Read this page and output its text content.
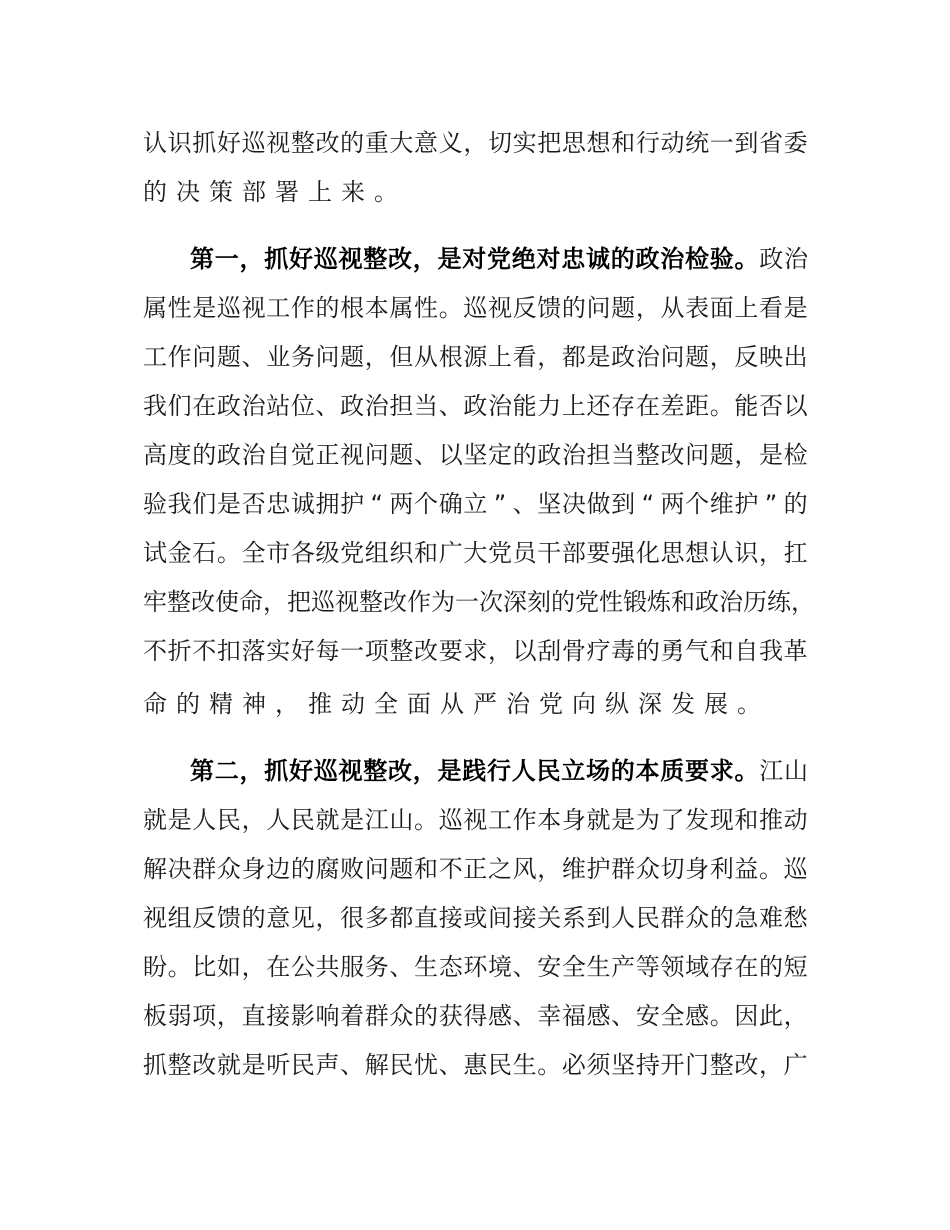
认 识 抓 好 巡 视 整 改 的 重 大 意 义 ， 切 实 把 思 想 和 行 动 统 一 到 省 委
的 决 策 部 署 上 来 。
第 一 ， 抓 好 巡 视 整 改 ， 是 对 党 绝 对 忠 诚 的 政 治 检 验 。 政 治
属 性 是 巡 视 工 作 的 根 本 属 性 。 巡 视 反 馈 的 问 题 ， 从 表 面 上 看 是
工 作 问 题 、 业 务 问 题 ， 但 从 根 源 上 看 ， 都 是 政 治 问 题 ， 反 映 出
我 们 在 政 治 站 位 、 政 治 担 当 、 政 治 能 力 上 还 存 在 差 距 。 能 否 以
高 度 的 政 治 自 觉 正 视 问 题 、 以 坚 定 的 政 治 担 当 整 改 问 题 ， 是 检
验 我 们 是 否 忠 诚 拥 护 “ 两 个 确 立 ” 、 坚 决 做 到 “ 两 个 维 护 ” 的
试 金 石 。 全 市 各 级 党 组 织 和 广 大 党 员 干 部 要 强 化 思 想 认 识 ， 扛
牢 整 改 使 命 ， 把 巡 视 整 改 作 为 一 次 深 刻 的 党 性 锻 炼 和 政 治 历 练 ，
不 折 不 扣 落 实 好 每 一 项 整 改 要 求 ， 以 刮 骨 疗 毒 的 勇 气 和 自 我 革
命 的 精 神 ， 推 动 全 面 从 严 治 党 向 纵 深 发 展 。
第 二 ， 抓 好 巡 视 整 改 ， 是 践 行 人 民 立 场 的 本 质 要 求 。 江 山
就 是 人 民 ， 人 民 就 是 江 山 。 巡 视 工 作 本 身 就 是 为 了 发 现 和 推 动
解 决 群 众 身 边 的 腐 败 问 题 和 不 正 之 风 ， 维 护 群 众 切 身 利 益 。 巡
视 组 反 馈 的 意 见 ， 很 多 都 直 接 或 间 接 关 系 到 人 民 群 众 的 急 难 愁
盼 。 比 如 ， 在 公 共 服 务 、 生 态 环 境 、 安 全 生 产 等 领 域 存 在 的 短
板 弱 项 ， 直 接 影 响 着 群 众 的 获 得 感 、 幸 福 感 、 安 全 感 。 因 此 ，
抓 整 改 就 是 听 民 声 、 解 民 忧 、 惠 民 生 。 必 须 坚 持 开 门 整 改 ， 广
